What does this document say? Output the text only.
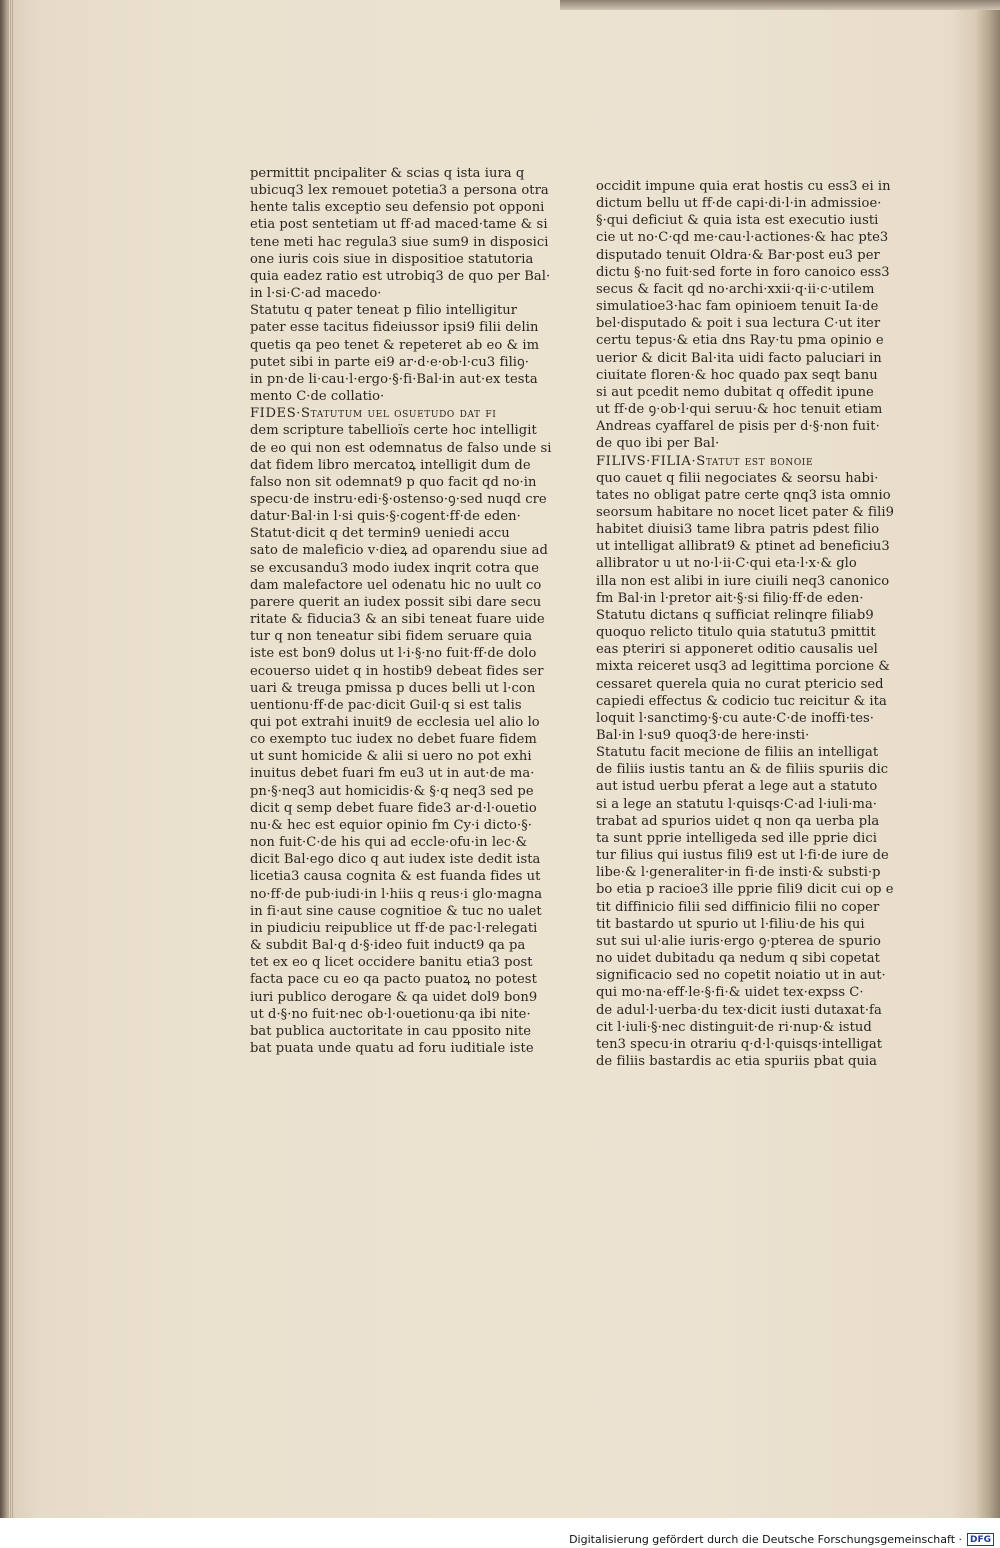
permittit pncipaliter & scias q ista iura q
ubicuq3 lex remouet potetia3 a persona otra
hente talis exceptio seu defensio pot opponi
etia post sentetiam ut ff·ad maced·tame & si
tene meti hac regula3 siue sum9 in disposici
one iuris cois siue in dispositioe statutoria
quia eadez ratio est utrobiq3 de quo per Bal·
in l·si·C·ad macedo·
Statutu q pater teneat p filio intelligitur
pater esse tacitus fideiussor ipsi9 filii delin
quetis qa peo tenet & repeteret ab eo & im
putet sibi in parte ei9 ar·d·e·ob·l·cu3 filiꝯ·
in pn·de li·cau·l·ergo·§·fi·Bal·in aut·ex testa
mento C·de collatio·
FIDES·Statutum uel osuetudo dat fi
dem scripture tabellioïs certe hoc intelligit
de eo qui non est odemnatus de falso unde si
dat fidem libro mercatoꝝ intelligit dum de
falso non sit odemnat9 p quo facit qd no·in
specu·de instru·edi·§·ostenso·ꝯ·sed nuqd cre
datur·Bal·in l·si quis·§·cogent·ff·de eden·
Statut·dicit q det termin9 ueniedi accu
sato de maleficio v·dieꝝ ad oparendu siue ad
se excusandu3 modo iudex inqrit cotra que
dam malefactore uel odenatu hic no uult co
parere querit an iudex possit sibi dare secu
ritate & fiducia3 & an sibi teneat fuare uide
tur q non teneatur sibi fidem seruare quia
iste est bon9 dolus ut l·i·§·no fuit·ff·de dolo
ecouerso uidet q in hostib9 debeat fides ser
uari & treuga pmissa p duces belli ut l·con
uentionu·ff·de pac·dicit Guil·q si est talis
qui pot extrahi inuit9 de ecclesia uel alio lo
co exempto tuc iudex no debet fuare fidem
ut sunt homicide & alii si uero no pot exhi
inuitus debet fuari fm eu3 ut in aut·de ma·
pn·§·neq3 aut homicidis·& §·q neq3 sed pe
dicit q semp debet fuare fide3 ar·d·l·ouetio
nu·& hec est equior opinio fm Cy·i dicto·§·
non fuit·C·de his qui ad eccle·ofu·in lec·&
dicit Bal·ego dico q aut iudex iste dedit ista
licetia3 causa cognita & est fuanda fides ut
no·ff·de pub·iudi·in l·hiis q reus·i glo·magna
in fi·aut sine cause cognitioe & tuc no ualet
in piudiciu reipublice ut ff·de pac·l·relegati
& subdit Bal·q d·§·ideo fuit induct9 qa pa
tet ex eo q licet occidere banitu etia3 post
facta pace cu eo qa pacto puatoꝝ no potest
iuri publico derogare & qa uidet dol9 bon9
ut d·§·no fuit·nec ob·l·ouetionu·qa ibi nite·
bat publica auctoritate in cau pposito nite
bat puata unde quatu ad foru iuditiale iste
occidit impune quia erat hostis cu ess3 ei in
dictum bellu ut ff·de capi·di·l·in admissioe·
§·qui deficiut & quia ista est executio iusti
cie ut no·C·qd me·cau·l·actiones·& hac pte3
disputado tenuit Oldra·& Bar·post eu3 per
dictu §·no fuit·sed forte in foro canoico ess3
secus & facit qd no·archi·xxii·q·ii·c·utilem
simulatioe3·hac fam opinioem tenuit Ia·de
bel·disputado & poit i sua lectura C·ut iter
certu tepus·& etia dns Ray·tu pma opinio e
uerior & dicit Bal·ita uidi facto paluciari in
ciuitate floren·& hoc quado pax seqt banu
si aut pcedit nemo dubitat q offedit ipune
ut ff·de ꝯ·ob·l·qui seruu·& hoc tenuit etiam
Andreas cyaffarel de pisis per d·§·non fuit·
de quo ibi per Bal·
FILIVS·FILIA·Statut est bonoie
quo cauet q filii negociates & seorsu habi·
tates no obligat patre certe qnq3 ista omnio
seorsum habitare no nocet licet pater & fili9
habitet diuisi3 tame libra patris pdest filio
ut intelligat allibrat9 & ptinet ad beneficiu3
allibrator u ut no·l·ii·C·qui eta·l·x·& glo
illa non est alibi in iure ciuili neq3 canonico
fm Bal·in l·pretor ait·§·si filiꝯ·ff·de eden·
Statutu dictans q sufficiat relinqre filiab9
quoquo relicto titulo quia statutu3 pmittit
eas pteriri si apponeret oditio causalis uel
mixta reiceret usq3 ad legittima porcione &
cessaret querela quia no curat ptericio sed
capiedi effectus & codicio tuc reicitur & ita
loquit l·sanctimꝯ·§·cu aute·C·de inoffi·tes·
Bal·in l·su9 quoq3·de here·insti·
Statutu facit mecione de filiis an intelligat
de filiis iustis tantu an & de filiis spuriis dic
aut istud uerbu pferat a lege aut a statuto
si a lege an statutu l·quisqs·C·ad l·iuli·ma·
trabat ad spurios uidet q non qa uerba pla
ta sunt pprie intelligeda sed ille pprie dici
tur filius qui iustus fili9 est ut l·fi·de iure de
libe·& l·generaliter·in fi·de insti·& substi·p
bo etia p racioe3 ille pprie fili9 dicit cui op e
tit diffinicio filii sed diffinicio filii no coper
tit bastardo ut spurio ut l·filiu·de his qui
sut sui ul·alie iuris·ergo ꝯ·pterea de spurio
no uidet dubitadu qa nedum q sibi copetat
significacio sed no copetit noiatio ut in aut·
qui mo·na·eff·le·§·fi·& uidet tex·expss C·
de adul·l·uerba·du tex·dicit iusti dutaxat·fa
cit l·iuli·§·nec distinguit·de ri·nup·& istud
ten3 specu·in otrariu q·d·l·quisqs·intelligat
de filiis bastardis ac etia spuriis pbat quia
Digitalisierung gefördert durch die Deutsche Forschungsgemeinschaft · DFG
